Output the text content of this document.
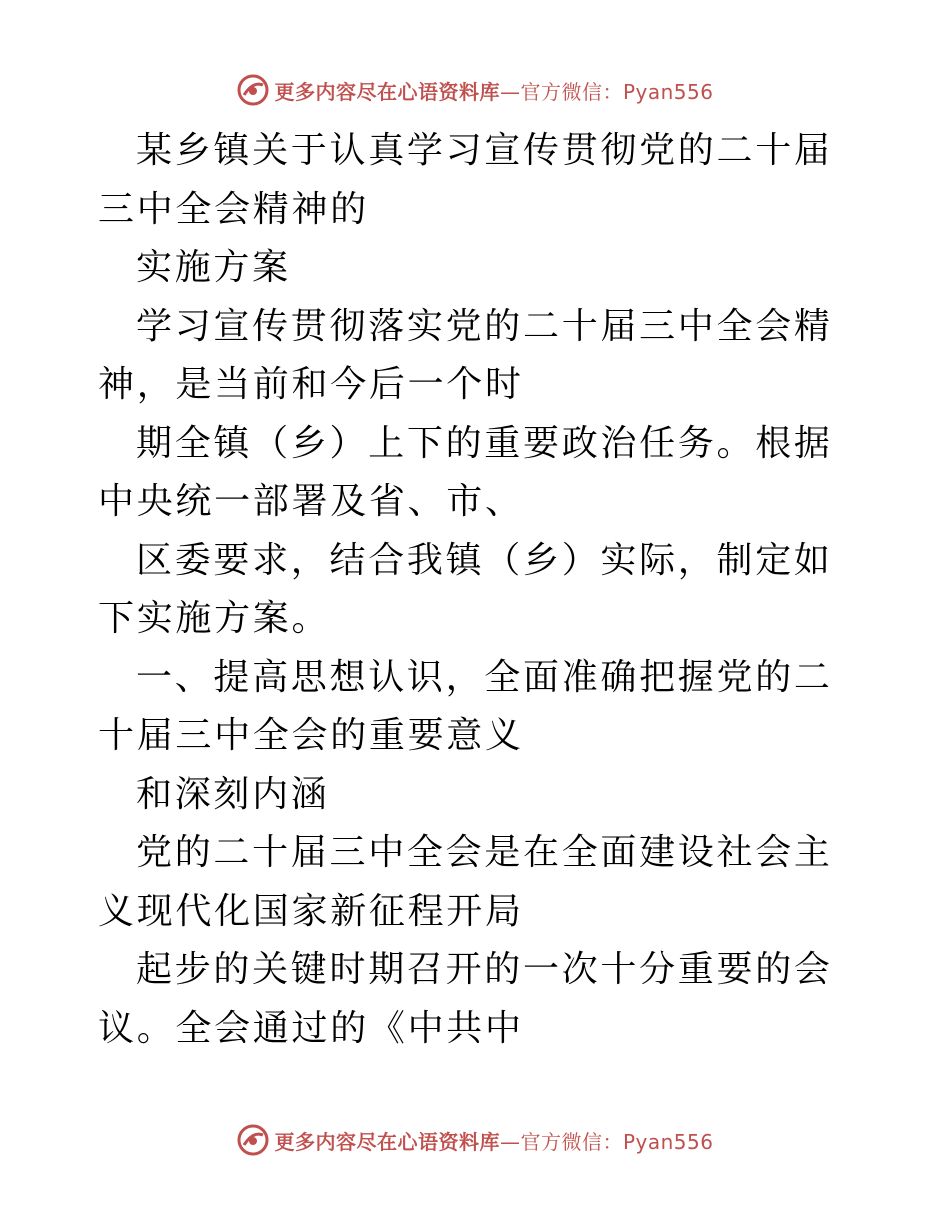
更多内容尽在心语资料库—官方微信：Pyan556

某乡镇关于认真学习宣传贯彻党的二十届三中全会精神的

实施方案

学习宣传贯彻落实党的二十届三中全会精神，是当前和今后一个时

期全镇（乡）上下的重要政治任务。根据中央统一部署及省、市、

区委要求，结合我镇（乡）实际，制定如下实施方案。

一、提高思想认识，全面准确把握党的二十届三中全会的重要意义

和深刻内涵

党的二十届三中全会是在全面建设社会主义现代化国家新征程开局

起步的关键时期召开的一次十分重要的会议。全会通过的《中共中

更多内容尽在心语资料库—官方微信：Pyan556
